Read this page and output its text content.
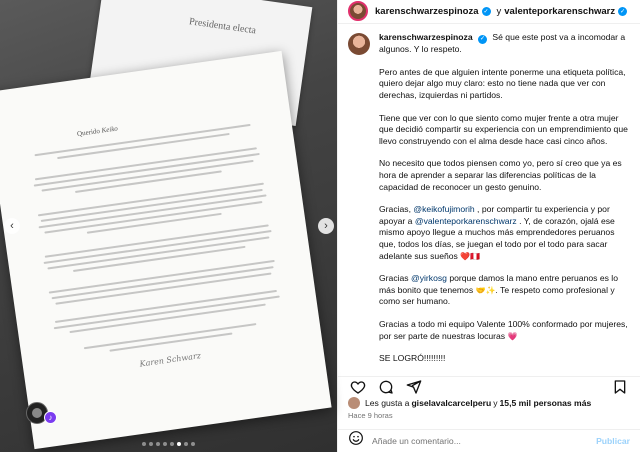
Presidenta electa
Querido Keiko
Karen Schwarz
‹	›
♪
karenschwarzespinoza ✓ y valenteporkarenschwarz ✓

karenschwarzespinoza ✓ Sé que este post va a incomodar a algunos. Y lo respeto.

Pero antes de que alguien intente ponerme una etiqueta política, quiero dejar algo muy claro: esto no tiene nada que ver con derechas, izquierdas ni partidos.

Tiene que ver con lo que siento como mujer frente a otra mujer que decidió compartir su experiencia con un emprendimiento que llevo construyendo con el alma desde hace casi cinco años.

No necesito que todos piensen como yo, pero sí creo que ya es hora de aprender a separar las diferencias políticas de la capacidad de reconocer un gesto genuino.

Gracias, @keikofujimorih , por compartir tu experiencia y por apoyar a @valenteporkarenschwarz . Y, de corazón, ojalá ese mismo apoyo llegue a muchos más emprendedores peruanos que, todos los días, se juegan el todo por el todo para sacar adelante sus sueños ❤️🇵🇪

Gracias @yirkosg porque damos la mano entre peruanos es lo más bonito que tenemos 🤝✨. Te respeto como profesional y como ser humano.

Gracias a todo mi equipo Valente 100% conformado por mujeres, por ser parte de nuestras locuras 💗

SE LOGRÓ!!!!!!!!!

Les gusta a giselavalcarcelperu y 15,5 mil personas más
Hace 9 horas
Añade un comentario...
Publicar
